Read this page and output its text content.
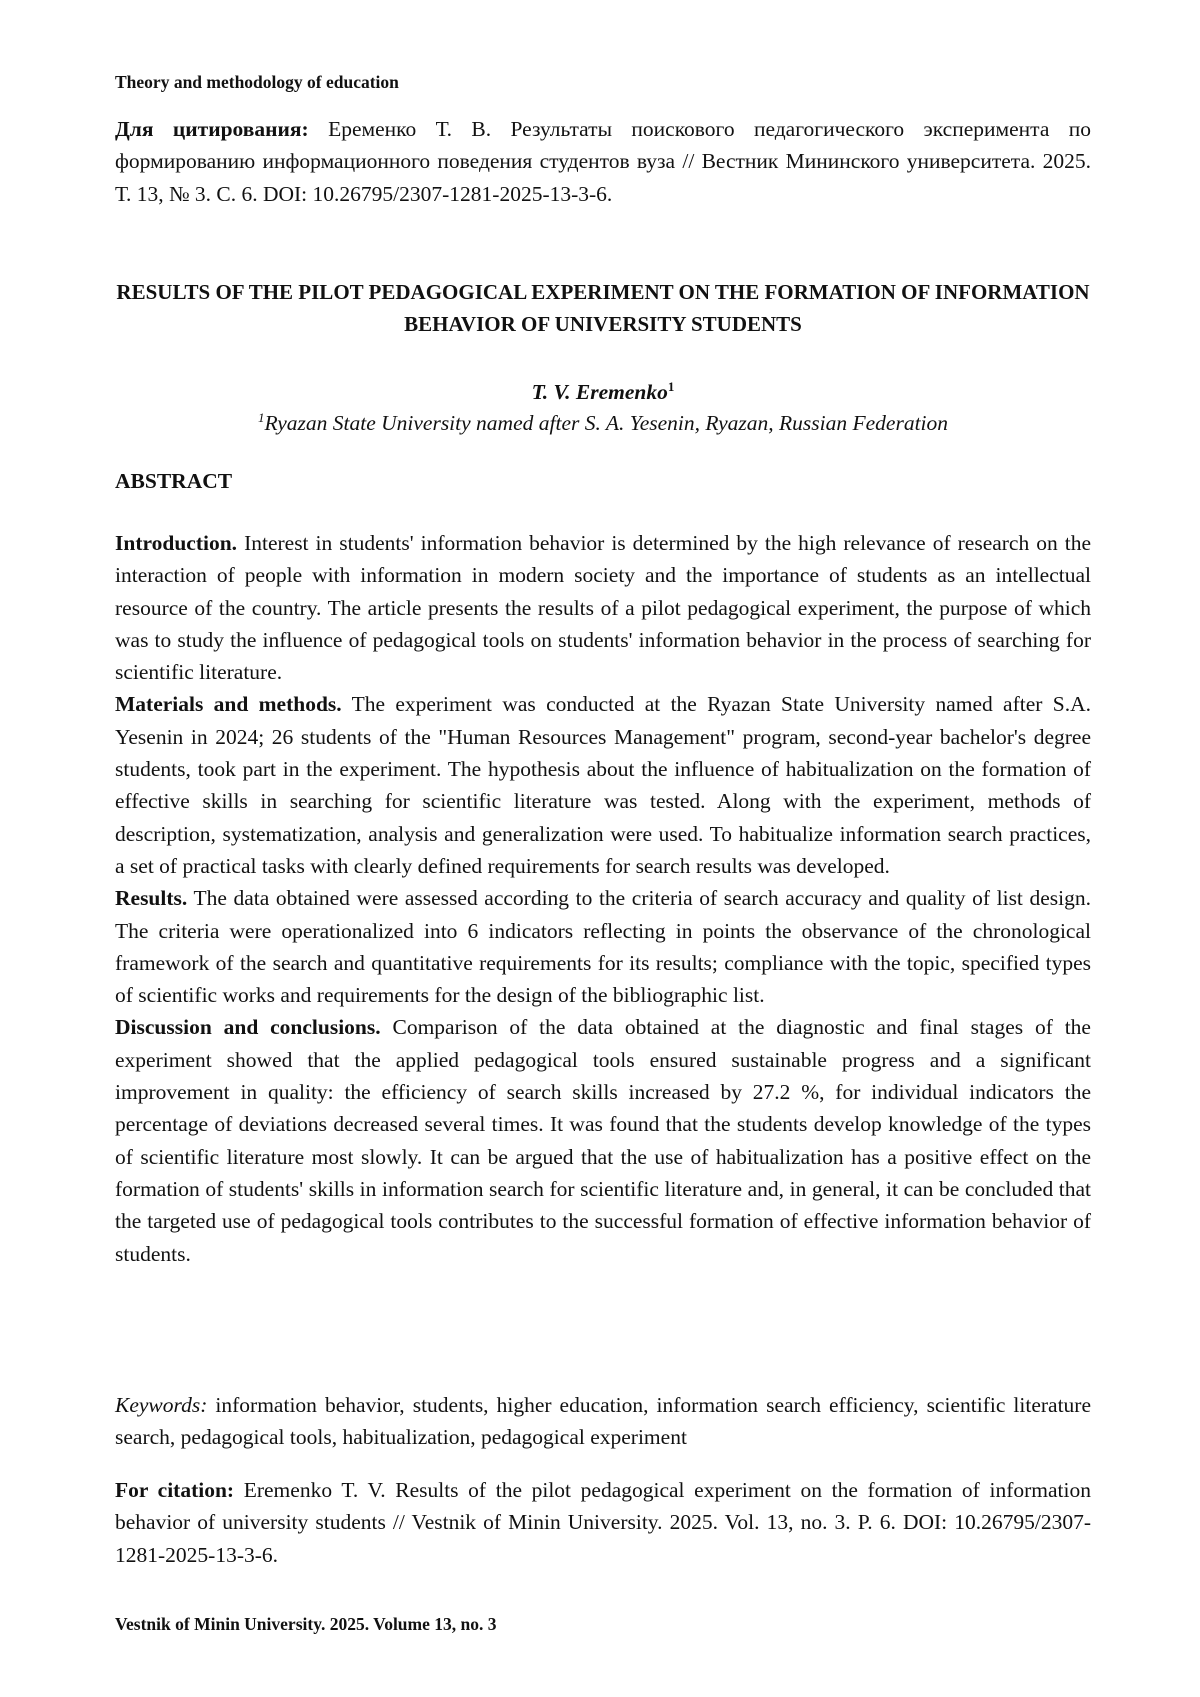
Theory and methodology of education
Для цитирования: Еременко Т. В. Результаты поискового педагогического эксперимента по формированию информационного поведения студентов вуза // Вестник Мининского университета. 2025. Т. 13, № 3. С. 6. DOI: 10.26795/2307-1281-2025-13-3-6.
RESULTS OF THE PILOT PEDAGOGICAL EXPERIMENT ON THE FORMATION OF INFORMATION BEHAVIOR OF UNIVERSITY STUDENTS
T. V. Eremenko1
1Ryazan State University named after S. A. Yesenin, Ryazan, Russian Federation
ABSTRACT

Introduction. Interest in students' information behavior is determined by the high relevance of research on the interaction of people with information in modern society and the importance of students as an intellectual resource of the country. The article presents the results of a pilot pedagogical experiment, the purpose of which was to study the influence of pedagogical tools on students' information behavior in the process of searching for scientific literature.

Materials and methods. The experiment was conducted at the Ryazan State University named after S.A. Yesenin in 2024; 26 students of the "Human Resources Management" program, second-year bachelor's degree students, took part in the experiment. The hypothesis about the influence of habitualization on the formation of effective skills in searching for scientific literature was tested. Along with the experiment, methods of description, systematization, analysis and generalization were used. To habitualize information search practices, a set of practical tasks with clearly defined requirements for search results was developed.

Results. The data obtained were assessed according to the criteria of search accuracy and quality of list design. The criteria were operationalized into 6 indicators reflecting in points the observance of the chronological framework of the search and quantitative requirements for its results; compliance with the topic, specified types of scientific works and requirements for the design of the bibliographic list.

Discussion and conclusions. Comparison of the data obtained at the diagnostic and final stages of the experiment showed that the applied pedagogical tools ensured sustainable progress and a significant improvement in quality: the efficiency of search skills increased by 27.2 %, for individual indicators the percentage of deviations decreased several times. It was found that the students develop knowledge of the types of scientific literature most slowly. It can be argued that the use of habitualization has a positive effect on the formation of students' skills in information search for scientific literature and, in general, it can be concluded that the targeted use of pedagogical tools contributes to the successful formation of effective information behavior of students.

Keywords: information behavior, students, higher education, information search efficiency, scientific literature search, pedagogical tools, habitualization, pedagogical experiment
For citation: Eremenko T. V. Results of the pilot pedagogical experiment on the formation of information behavior of university students // Vestnik of Minin University. 2025. Vol. 13, no. 3. P. 6. DOI: 10.26795/2307-1281-2025-13-3-6.
Vestnik of Minin University. 2025. Volume 13, no. 3
